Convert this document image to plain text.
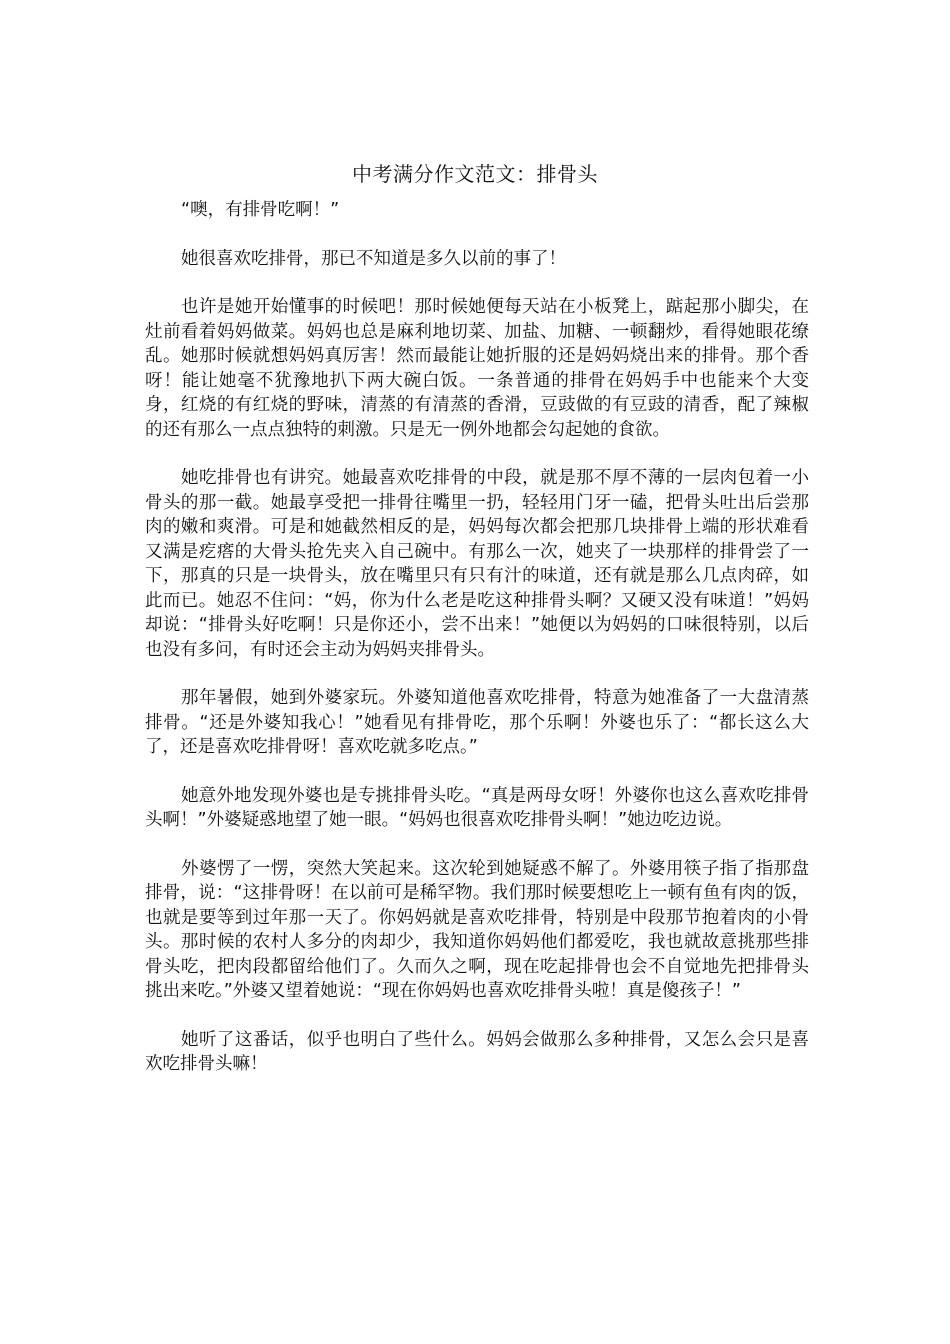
中考满分作文范文：排骨头

“噢，有排骨吃啊！”

她很喜欢吃排骨，那已不知道是多久以前的事了！

也许是她开始懂事的时候吧！那时候她便每天站在小板凳上，踮起那小脚尖，在灶前看着妈妈做菜。妈妈也总是麻利地切菜、加盐、加糖、一顿翻炒，看得她眼花缭乱。她那时候就想妈妈真厉害！然而最能让她折服的还是妈妈烧出来的排骨。那个香呀！能让她毫不犹豫地扒下两大碗白饭。一条普通的排骨在妈妈手中也能来个大变身，红烧的有红烧的野味，清蒸的有清蒸的香滑，豆豉做的有豆豉的清香，配了辣椒的还有那么一点点独特的刺激。只是无一例外地都会勾起她的食欲。

她吃排骨也有讲究。她最喜欢吃排骨的中段，就是那不厚不薄的一层肉包着一小骨头的那一截。她最享受把一排骨往嘴里一扔，轻轻用门牙一磕，把骨头吐出后尝那肉的嫩和爽滑。可是和她截然相反的是，妈妈每次都会把那几块排骨上端的形状难看又满是疙瘩的大骨头抢先夹入自己碗中。有那么一次，她夹了一块那样的排骨尝了一下，那真的只是一块骨头，放在嘴里只有只有汁的味道，还有就是那么几点肉碎，如此而已。她忍不住问：“妈，你为什么老是吃这种排骨头啊？又硬又没有味道！”妈妈却说：“排骨头好吃啊！只是你还小，尝不出来！”她便以为妈妈的口味很特别，以后也没有多问，有时还会主动为妈妈夹排骨头。

那年暑假，她到外婆家玩。外婆知道他喜欢吃排骨，特意为她准备了一大盘清蒸排骨。“还是外婆知我心！”她看见有排骨吃，那个乐啊！外婆也乐了：“都长这么大了，还是喜欢吃排骨呀！喜欢吃就多吃点。”

她意外地发现外婆也是专挑排骨头吃。“真是两母女呀！外婆你也这么喜欢吃排骨头啊！”外婆疑惑地望了她一眼。“妈妈也很喜欢吃排骨头啊！”她边吃边说。

外婆愣了一愣，突然大笑起来。这次轮到她疑惑不解了。外婆用筷子指了指那盘排骨，说：“这排骨呀！在以前可是稀罕物。我们那时候要想吃上一顿有鱼有肉的饭，也就是要等到过年那一天了。你妈妈就是喜欢吃排骨，特别是中段那节抱着肉的小骨头。那时候的农村人多分的肉却少，我知道你妈妈他们都爱吃，我也就故意挑那些排骨头吃，把肉段都留给他们了。久而久之啊，现在吃起排骨也会不自觉地先把排骨头挑出来吃。”外婆又望着她说：“现在你妈妈也喜欢吃排骨头啦！真是傻孩子！”

她听了这番话，似乎也明白了些什么。妈妈会做那么多种排骨，又怎么会只是喜欢吃排骨头嘛！
